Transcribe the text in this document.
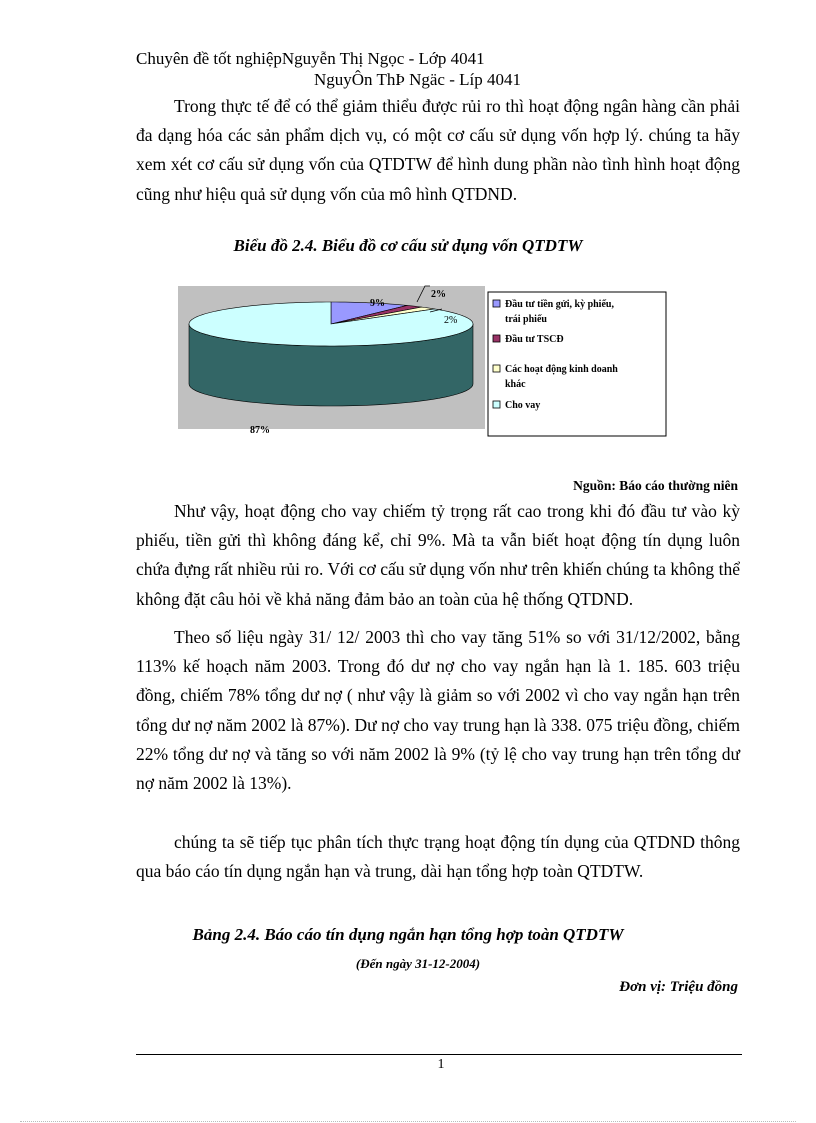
Chuyên đề tốt nghiệpNguyễn Thị Ngọc - Lớp 4041
NguyÔn ThÞ Ngäc - Líp 4041

Trong thực tế để có thể giảm thiểu được rủi ro thì hoạt động ngân hàng cần phải đa dạng hóa các sản phẩm dịch vụ, có một cơ cấu sử dụng vốn hợp lý. chúng ta hãy xem xét cơ cấu sử dụng vốn của QTDTW để hình dung phần nào tình hình hoạt động cũng như hiệu quả sử dụng vốn của mô hình QTDND.

Biểu đồ 2.4. Biểu đồ cơ cấu sử dụng vốn QTDTW
9%
2%
2%
87%
Đầu tư tiền gửi, kỳ phiếu,
trái phiếu
Đầu tư TSCĐ
Các hoạt động kinh doanh
khác
Cho vay
Nguồn: Báo cáo thường niên

Như vậy, hoạt động cho vay chiếm tỷ trọng rất cao trong khi đó đầu tư vào kỳ phiếu, tiền gửi thì không đáng kể, chỉ 9%. Mà ta vẫn biết hoạt động tín dụng luôn chứa đựng rất nhiều rủi ro. Với cơ cấu sử dụng vốn như trên khiến chúng ta không thể không đặt câu hỏi về khả năng đảm bảo an toàn của hệ thống QTDND.

Theo số liệu ngày 31/ 12/ 2003 thì cho vay tăng 51% so với 31/12/2002, bằng 113% kế hoạch năm 2003. Trong đó dư nợ cho vay ngắn hạn là 1. 185. 603 triệu đồng, chiếm 78% tổng dư nợ ( như vậy là giảm so với 2002 vì cho vay ngắn hạn trên tổng dư nợ năm 2002 là 87%). Dư nợ cho vay trung hạn là 338. 075 triệu đồng, chiếm 22% tổng dư nợ và tăng so với năm 2002 là 9% (tỷ lệ cho vay trung hạn trên tổng dư nợ năm 2002 là 13%).

chúng ta sẽ tiếp tục phân tích thực trạng hoạt động tín dụng của QTDND thông qua báo cáo tín dụng ngắn hạn và trung, dài hạn tổng hợp toàn QTDTW.

Bảng 2.4. Báo cáo tín dụng ngắn hạn tổng hợp toàn QTDTW
(Đến ngày 31-12-2004)
Đơn vị: Triệu đồng
1
